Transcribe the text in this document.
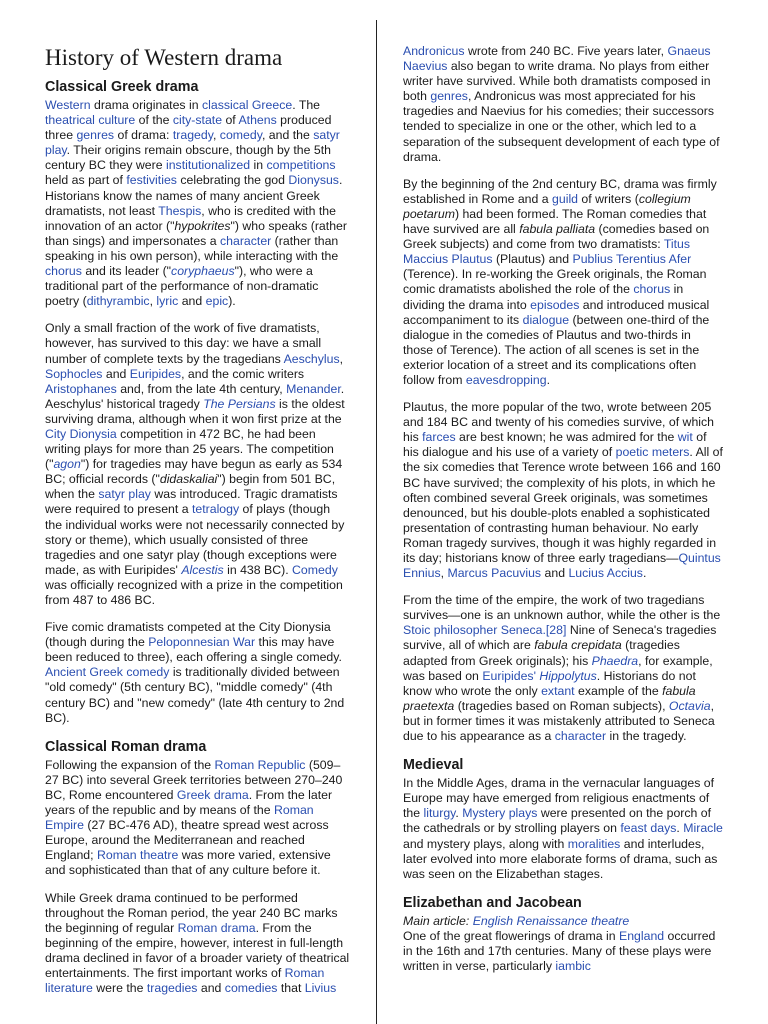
History of Western drama
Classical Greek drama

Western drama originates in classical Greece. The theatrical culture of the city-state of Athens produced three genres of drama: tragedy, comedy, and the satyr play. Their origins remain obscure, though by the 5th century BC they were institutionalized in competitions held as part of festivities celebrating the god Dionysus. Historians know the names of many ancient Greek dramatists, not least Thespis, who is credited with the innovation of an actor ("hypokrites") who speaks (rather than sings) and impersonates a character (rather than speaking in his own person), while interacting with the chorus and its leader ("coryphaeus"), who were a traditional part of the performance of non-dramatic poetry (dithyrambic, lyric and epic).

Only a small fraction of the work of five dramatists, however, has survived to this day: we have a small number of complete texts by the tragedians Aeschylus, Sophocles and Euripides, and the comic writers Aristophanes and, from the late 4th century, Menander. Aeschylus' historical tragedy The Persians is the oldest surviving drama, although when it won first prize at the City Dionysia competition in 472 BC, he had been writing plays for more than 25 years. The competition ("agon") for tragedies may have begun as early as 534 BC; official records ("didaskaliai") begin from 501 BC, when the satyr play was introduced. Tragic dramatists were required to present a tetralogy of plays (though the individual works were not necessarily connected by story or theme), which usually consisted of three tragedies and one satyr play (though exceptions were made, as with Euripides' Alcestis in 438 BC). Comedy was officially recognized with a prize in the competition from 487 to 486 BC.

Five comic dramatists competed at the City Dionysia (though during the Peloponnesian War this may have been reduced to three), each offering a single comedy. Ancient Greek comedy is traditionally divided between "old comedy" (5th century BC), "middle comedy" (4th century BC) and "new comedy" (late 4th century to 2nd BC).

Classical Roman drama

Following the expansion of the Roman Republic (509–27 BC) into several Greek territories between 270–240 BC, Rome encountered Greek drama. From the later years of the republic and by means of the Roman Empire (27 BC-476 AD), theatre spread west across Europe, around the Mediterranean and reached England; Roman theatre was more varied, extensive and sophisticated than that of any culture before it.

While Greek drama continued to be performed throughout the Roman period, the year 240 BC marks the beginning of regular Roman drama. From the beginning of the empire, however, interest in full-length drama declined in favor of a broader variety of theatrical entertainments. The first important works of Roman literature were the tragedies and comedies that Livius

Andronicus wrote from 240 BC. Five years later, Gnaeus Naevius also began to write drama. No plays from either writer have survived. While both dramatists composed in both genres, Andronicus was most appreciated for his tragedies and Naevius for his comedies; their successors tended to specialize in one or the other, which led to a separation of the subsequent development of each type of drama.

By the beginning of the 2nd century BC, drama was firmly established in Rome and a guild of writers (collegium poetarum) had been formed. The Roman comedies that have survived are all fabula palliata (comedies based on Greek subjects) and come from two dramatists: Titus Maccius Plautus (Plautus) and Publius Terentius Afer (Terence). In re-working the Greek originals, the Roman comic dramatists abolished the role of the chorus in dividing the drama into episodes and introduced musical accompaniment to its dialogue (between one-third of the dialogue in the comedies of Plautus and two-thirds in those of Terence). The action of all scenes is set in the exterior location of a street and its complications often follow from eavesdropping.

Plautus, the more popular of the two, wrote between 205 and 184 BC and twenty of his comedies survive, of which his farces are best known; he was admired for the wit of his dialogue and his use of a variety of poetic meters. All of the six comedies that Terence wrote between 166 and 160 BC have survived; the complexity of his plots, in which he often combined several Greek originals, was sometimes denounced, but his double-plots enabled a sophisticated presentation of contrasting human behaviour. No early Roman tragedy survives, though it was highly regarded in its day; historians know of three early tragedians—Quintus Ennius, Marcus Pacuvius and Lucius Accius.

From the time of the empire, the work of two tragedians survives—one is an unknown author, while the other is the Stoic philosopher Seneca.[28] Nine of Seneca's tragedies survive, all of which are fabula crepidata (tragedies adapted from Greek originals); his Phaedra, for example, was based on Euripides' Hippolytus. Historians do not know who wrote the only extant example of the fabula praetexta (tragedies based on Roman subjects), Octavia, but in former times it was mistakenly attributed to Seneca due to his appearance as a character in the tragedy.

Medieval

In the Middle Ages, drama in the vernacular languages of Europe may have emerged from religious enactments of the liturgy. Mystery plays were presented on the porch of the cathedrals or by strolling players on feast days. Miracle and mystery plays, along with moralities and interludes, later evolved into more elaborate forms of drama, such as was seen on the Elizabethan stages.

Elizabethan and Jacobean

Main article: English Renaissance theatre

One of the great flowerings of drama in England occurred in the 16th and 17th centuries. Many of these plays were written in verse, particularly iambic
